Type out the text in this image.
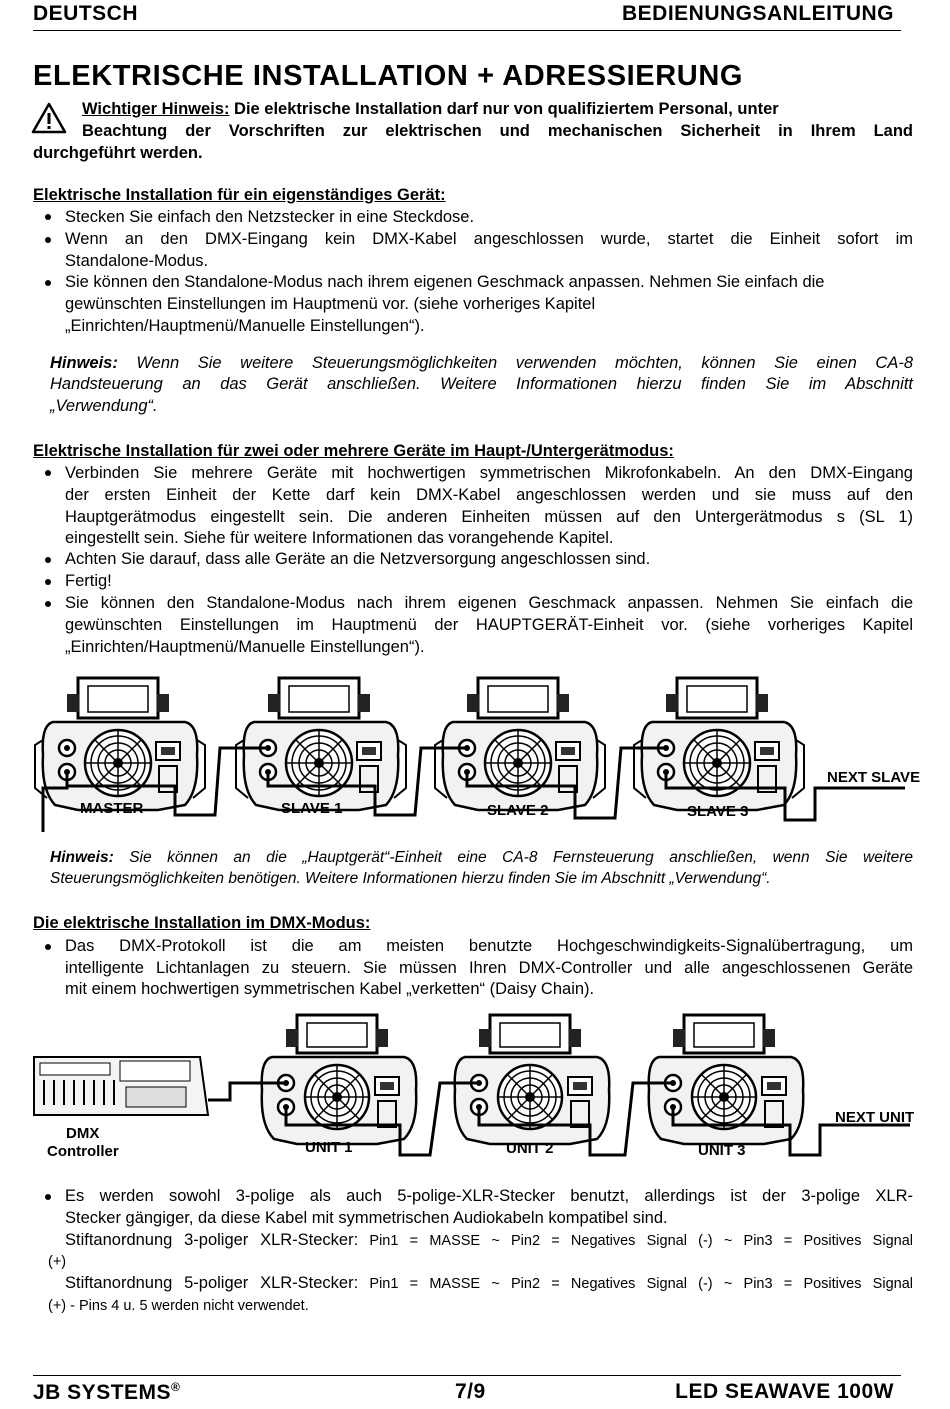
DEUTSCH	BEDIENUNGSANLEITUNG
ELEKTRISCHE INSTALLATION + ADRESSIERUNG
Wichtiger Hinweis: Die elektrische Installation darf nur von qualifiziertem Personal, unter
Beachtung der Vorschriften zur elektrischen und mechanischen Sicherheit in Ihrem Land
durchgeführt werden.
Elektrische Installation für ein eigenständiges Gerät:
Stecken Sie einfach den Netzstecker in eine Steckdose.
Wenn an den DMX-Eingang kein DMX-Kabel angeschlossen wurde, startet die Einheit sofort im
Standalone-Modus.
Sie können den Standalone-Modus nach ihrem eigenen Geschmack anpassen. Nehmen Sie einfach die
gewünschten Einstellungen im Hauptmenü vor. (siehe vorheriges Kapitel
„Einrichten/Hauptmenü/Manuelle Einstellungen“).
Hinweis: Wenn Sie weitere Steuerungsmöglichkeiten verwenden möchten, können Sie einen CA-8
Handsteuerung an das Gerät anschließen. Weitere Informationen hierzu finden Sie im Abschnitt
„Verwendung“.
Elektrische Installation für zwei oder mehrere Geräte im Haupt-/Untergerätmodus:
Verbinden Sie mehrere Geräte mit hochwertigen symmetrischen Mikrofonkabeln. An den DMX-Eingang
der ersten Einheit der Kette darf kein DMX-Kabel angeschlossen werden und sie muss auf den
Hauptgerätmodus eingestellt sein. Die anderen Einheiten müssen auf den Untergerätmodus s (SL 1)
eingestellt sein. Siehe für weitere Informationen das vorangehende Kapitel.
Achten Sie darauf, dass alle Geräte an die Netzversorgung angeschlossen sind.
Fertig!
Sie können den Standalone-Modus nach ihrem eigenen Geschmack anpassen. Nehmen Sie einfach die
gewünschten Einstellungen im Hauptmenü der HAUPTGERÄT-Einheit vor. (siehe vorheriges Kapitel
„Einrichten/Hauptmenü/Manuelle Einstellungen“).
MASTER	SLAVE 1	SLAVE 2	SLAVE 3
NEXT SLAVE
Hinweis: Sie können an die „Hauptgerät“-Einheit eine CA-8 Fernsteuerung anschließen, wenn Sie weitere
Steuerungsmöglichkeiten benötigen. Weitere Informationen hierzu finden Sie im Abschnitt „Verwendung“.
Die elektrische Installation im DMX-Modus:
Das DMX-Protokoll ist die am meisten benutzte Hochgeschwindigkeits-Signalübertragung, um
intelligente Lichtanlagen zu steuern. Sie müssen Ihren DMX-Controller und alle angeschlossenen Geräte
mit einem hochwertigen symmetrischen Kabel „verketten“ (Daisy Chain).
DMX
Controller	UNIT 1	UNIT 2	UNIT 3
NEXT UNIT
Es werden sowohl 3-polige als auch 5-polige-XLR-Stecker benutzt, allerdings ist der 3-polige XLR-
Stecker gängiger, da diese Kabel mit symmetrischen Audiokabeln kompatibel sind.
Stiftanordnung 3-poliger XLR-Stecker: Pin1 = MASSE ~ Pin2 = Negatives Signal (-) ~ Pin3 = Positives Signal
(+)
Stiftanordnung 5-poliger XLR-Stecker: Pin1 = MASSE ~ Pin2 = Negatives Signal (-) ~ Pin3 = Positives Signal
(+) - Pins 4 u. 5 werden nicht verwendet.
JB SYSTEMS®	7/9	LED SEAWAVE 100W
